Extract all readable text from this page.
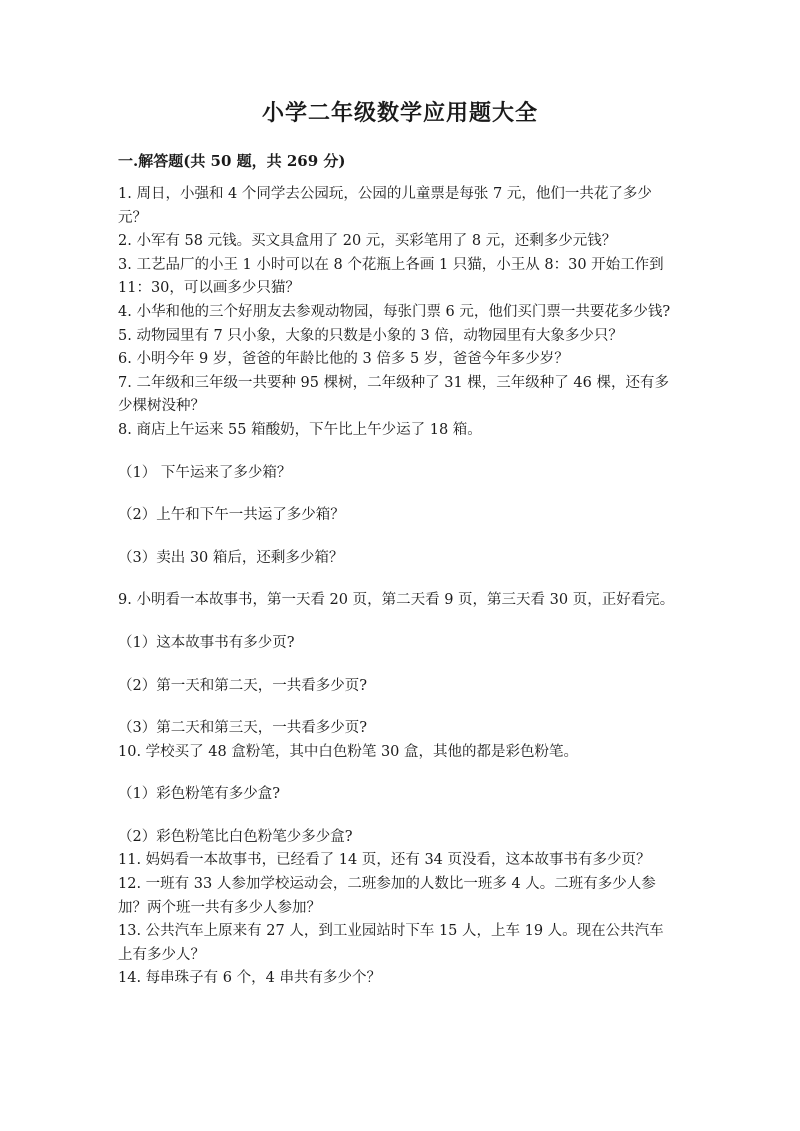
小学二年级数学应用题大全
一.解答题(共 50 题，共 269 分)
1. 周日，小强和 4 个同学去公园玩，公园的儿童票是每张 7 元，他们一共花了多少元？
2. 小军有 58 元钱。买文具盒用了 20 元，买彩笔用了 8 元，还剩多少元钱？
3. 工艺品厂的小王 1 小时可以在 8 个花瓶上各画 1 只猫，小王从 8：30 开始工作到 11：30，可以画多少只猫？
4. 小华和他的三个好朋友去参观动物园，每张门票 6 元，他们买门票一共要花多少钱?
5. 动物园里有 7 只小象，大象的只数是小象的 3 倍，动物园里有大象多少只？
6. 小明今年 9 岁，爸爸的年龄比他的 3 倍多 5 岁，爸爸今年多少岁？
7. 二年级和三年级一共要种 95 棵树，二年级种了 31 棵，三年级种了 46 棵，还有多少棵树没种？
8. 商店上午运来 55 箱酸奶，下午比上午少运了 18 箱。
（1） 下午运来了多少箱？
（2）上午和下午一共运了多少箱？
（3）卖出 30 箱后，还剩多少箱？
9. 小明看一本故事书，第一天看 20 页，第二天看 9 页，第三天看 30 页，正好看完。
（1）这本故事书有多少页?
（2）第一天和第二天，一共看多少页?
（3）第二天和第三天，一共看多少页?
10. 学校买了 48 盒粉笔，其中白色粉笔 30 盒，其他的都是彩色粉笔。
（1）彩色粉笔有多少盒?
（2）彩色粉笔比白色粉笔少多少盒?
11. 妈妈看一本故事书，已经看了 14 页，还有 34 页没看，这本故事书有多少页？
12. 一班有 33 人参加学校运动会，二班参加的人数比一班多 4 人。二班有多少人参加？两个班一共有多少人参加？
13. 公共汽车上原来有 27 人，到工业园站时下车 15 人，上车 19 人。现在公共汽车上有多少人？
14. 每串珠子有 6 个，4 串共有多少个？
